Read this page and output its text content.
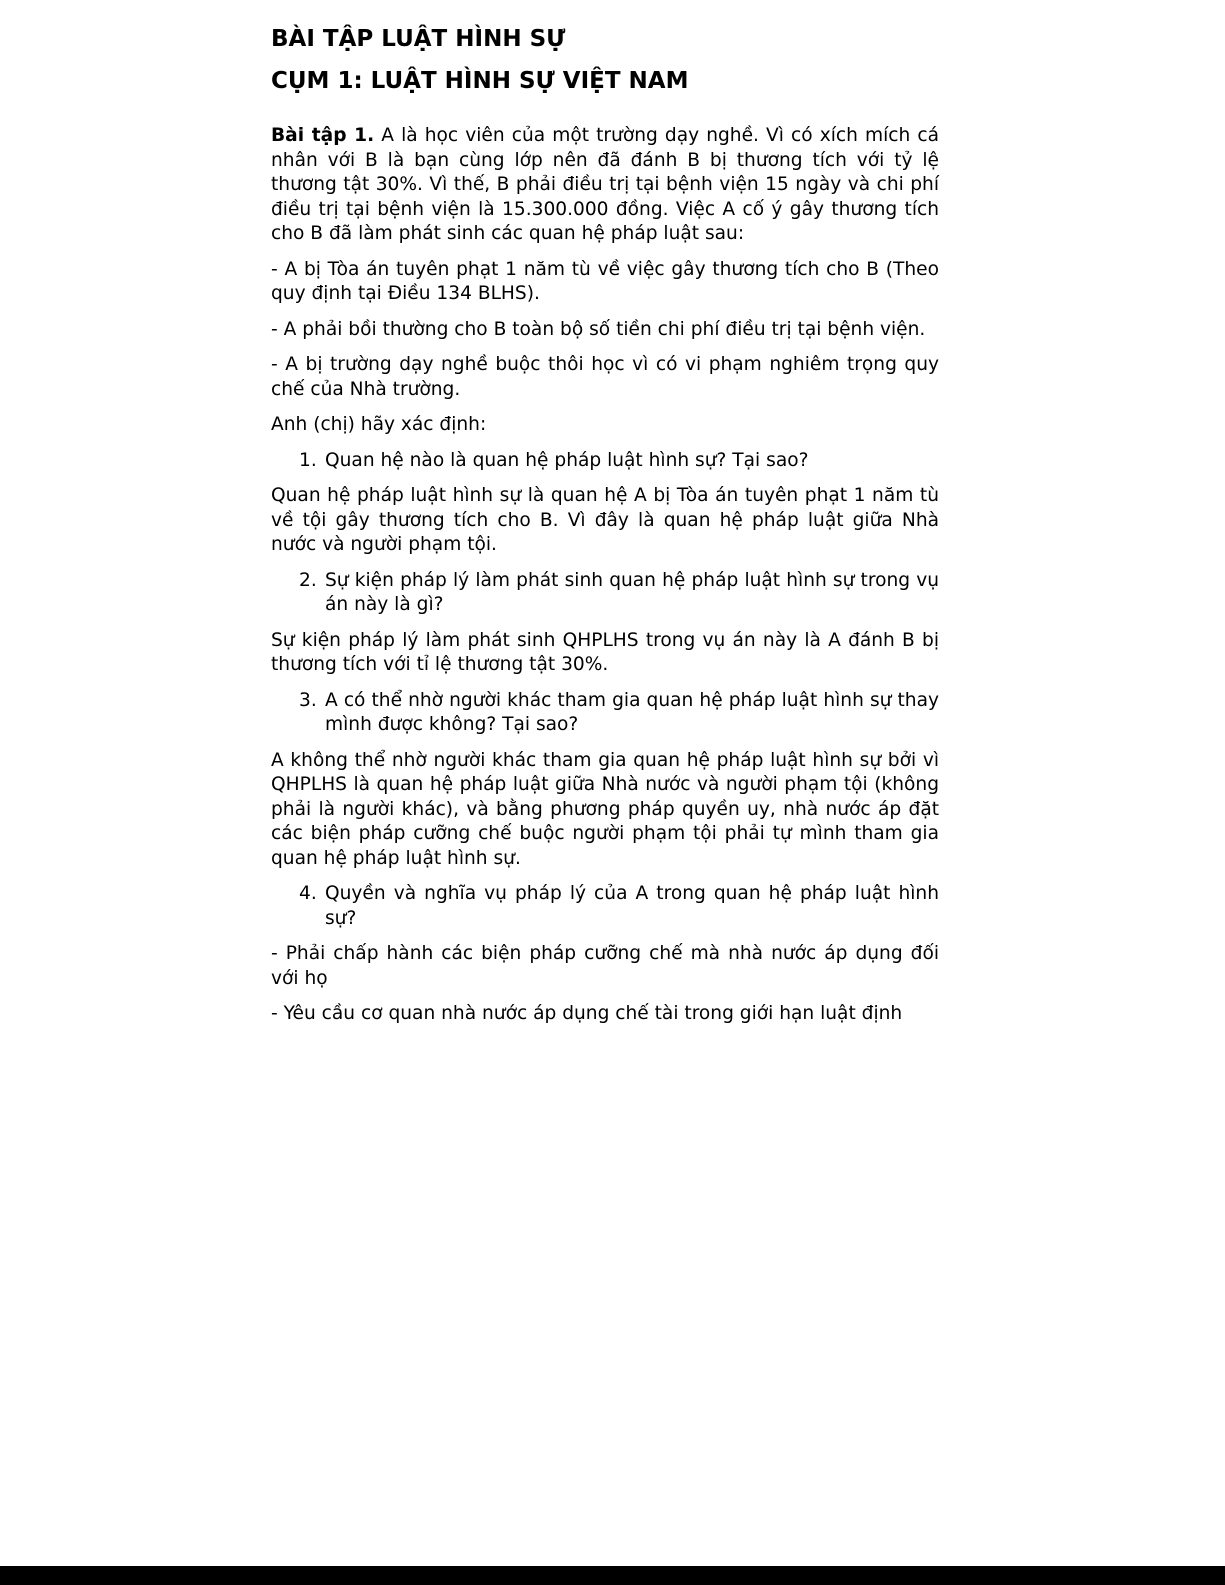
BÀI TẬP LUẬT HÌNH SỰ
CỤM 1: LUẬT HÌNH SỰ VIỆT NAM

Bài tập 1. A là học viên của một trường dạy nghề. Vì có xích mích cá nhân với B là bạn cùng lớp nên đã đánh B bị thương tích với tỷ lệ thương tật 30%. Vì thế, B phải điều trị tại bệnh viện 15 ngày và chi phí điều trị tại bệnh viện là 15.300.000 đồng. Việc A cố ý gây thương tích cho B đã làm phát sinh các quan hệ pháp luật sau:

- A bị Tòa án tuyên phạt 1 năm tù về việc gây thương tích cho B (Theo quy định tại Điều 134 BLHS).

- A phải bồi thường cho B toàn bộ số tiền chi phí điều trị tại bệnh viện.

- A bị trường dạy nghề buộc thôi học vì có vi phạm nghiêm trọng quy chế của Nhà trường.

Anh (chị) hãy xác định:

1. Quan hệ nào là quan hệ pháp luật hình sự? Tại sao?

Quan hệ pháp luật hình sự là quan hệ A bị Tòa án tuyên phạt 1 năm tù về tội gây thương tích cho B. Vì đây là quan hệ pháp luật giữa Nhà nước và người phạm tội.

2. Sự kiện pháp lý làm phát sinh quan hệ pháp luật hình sự trong vụ án này là gì?

Sự kiện pháp lý làm phát sinh QHPLHS trong vụ án này là A đánh B bị thương tích với tỉ lệ thương tật 30%.

3. A có thể nhờ người khác tham gia quan hệ pháp luật hình sự thay mình được không? Tại sao?

A không thể nhờ người khác tham gia quan hệ pháp luật hình sự bởi vì QHPLHS là quan hệ pháp luật giữa Nhà nước và người phạm tội (không phải là người khác), và bằng phương pháp quyền uy, nhà nước áp đặt các biện pháp cưỡng chế buộc người phạm tội phải tự mình tham gia quan hệ pháp luật hình sự.

4. Quyền và nghĩa vụ pháp lý của A trong quan hệ pháp luật hình sự?

- Phải chấp hành các biện pháp cưỡng chế mà nhà nước áp dụng đối với họ

- Yêu cầu cơ quan nhà nước áp dụng chế tài trong giới hạn luật định
